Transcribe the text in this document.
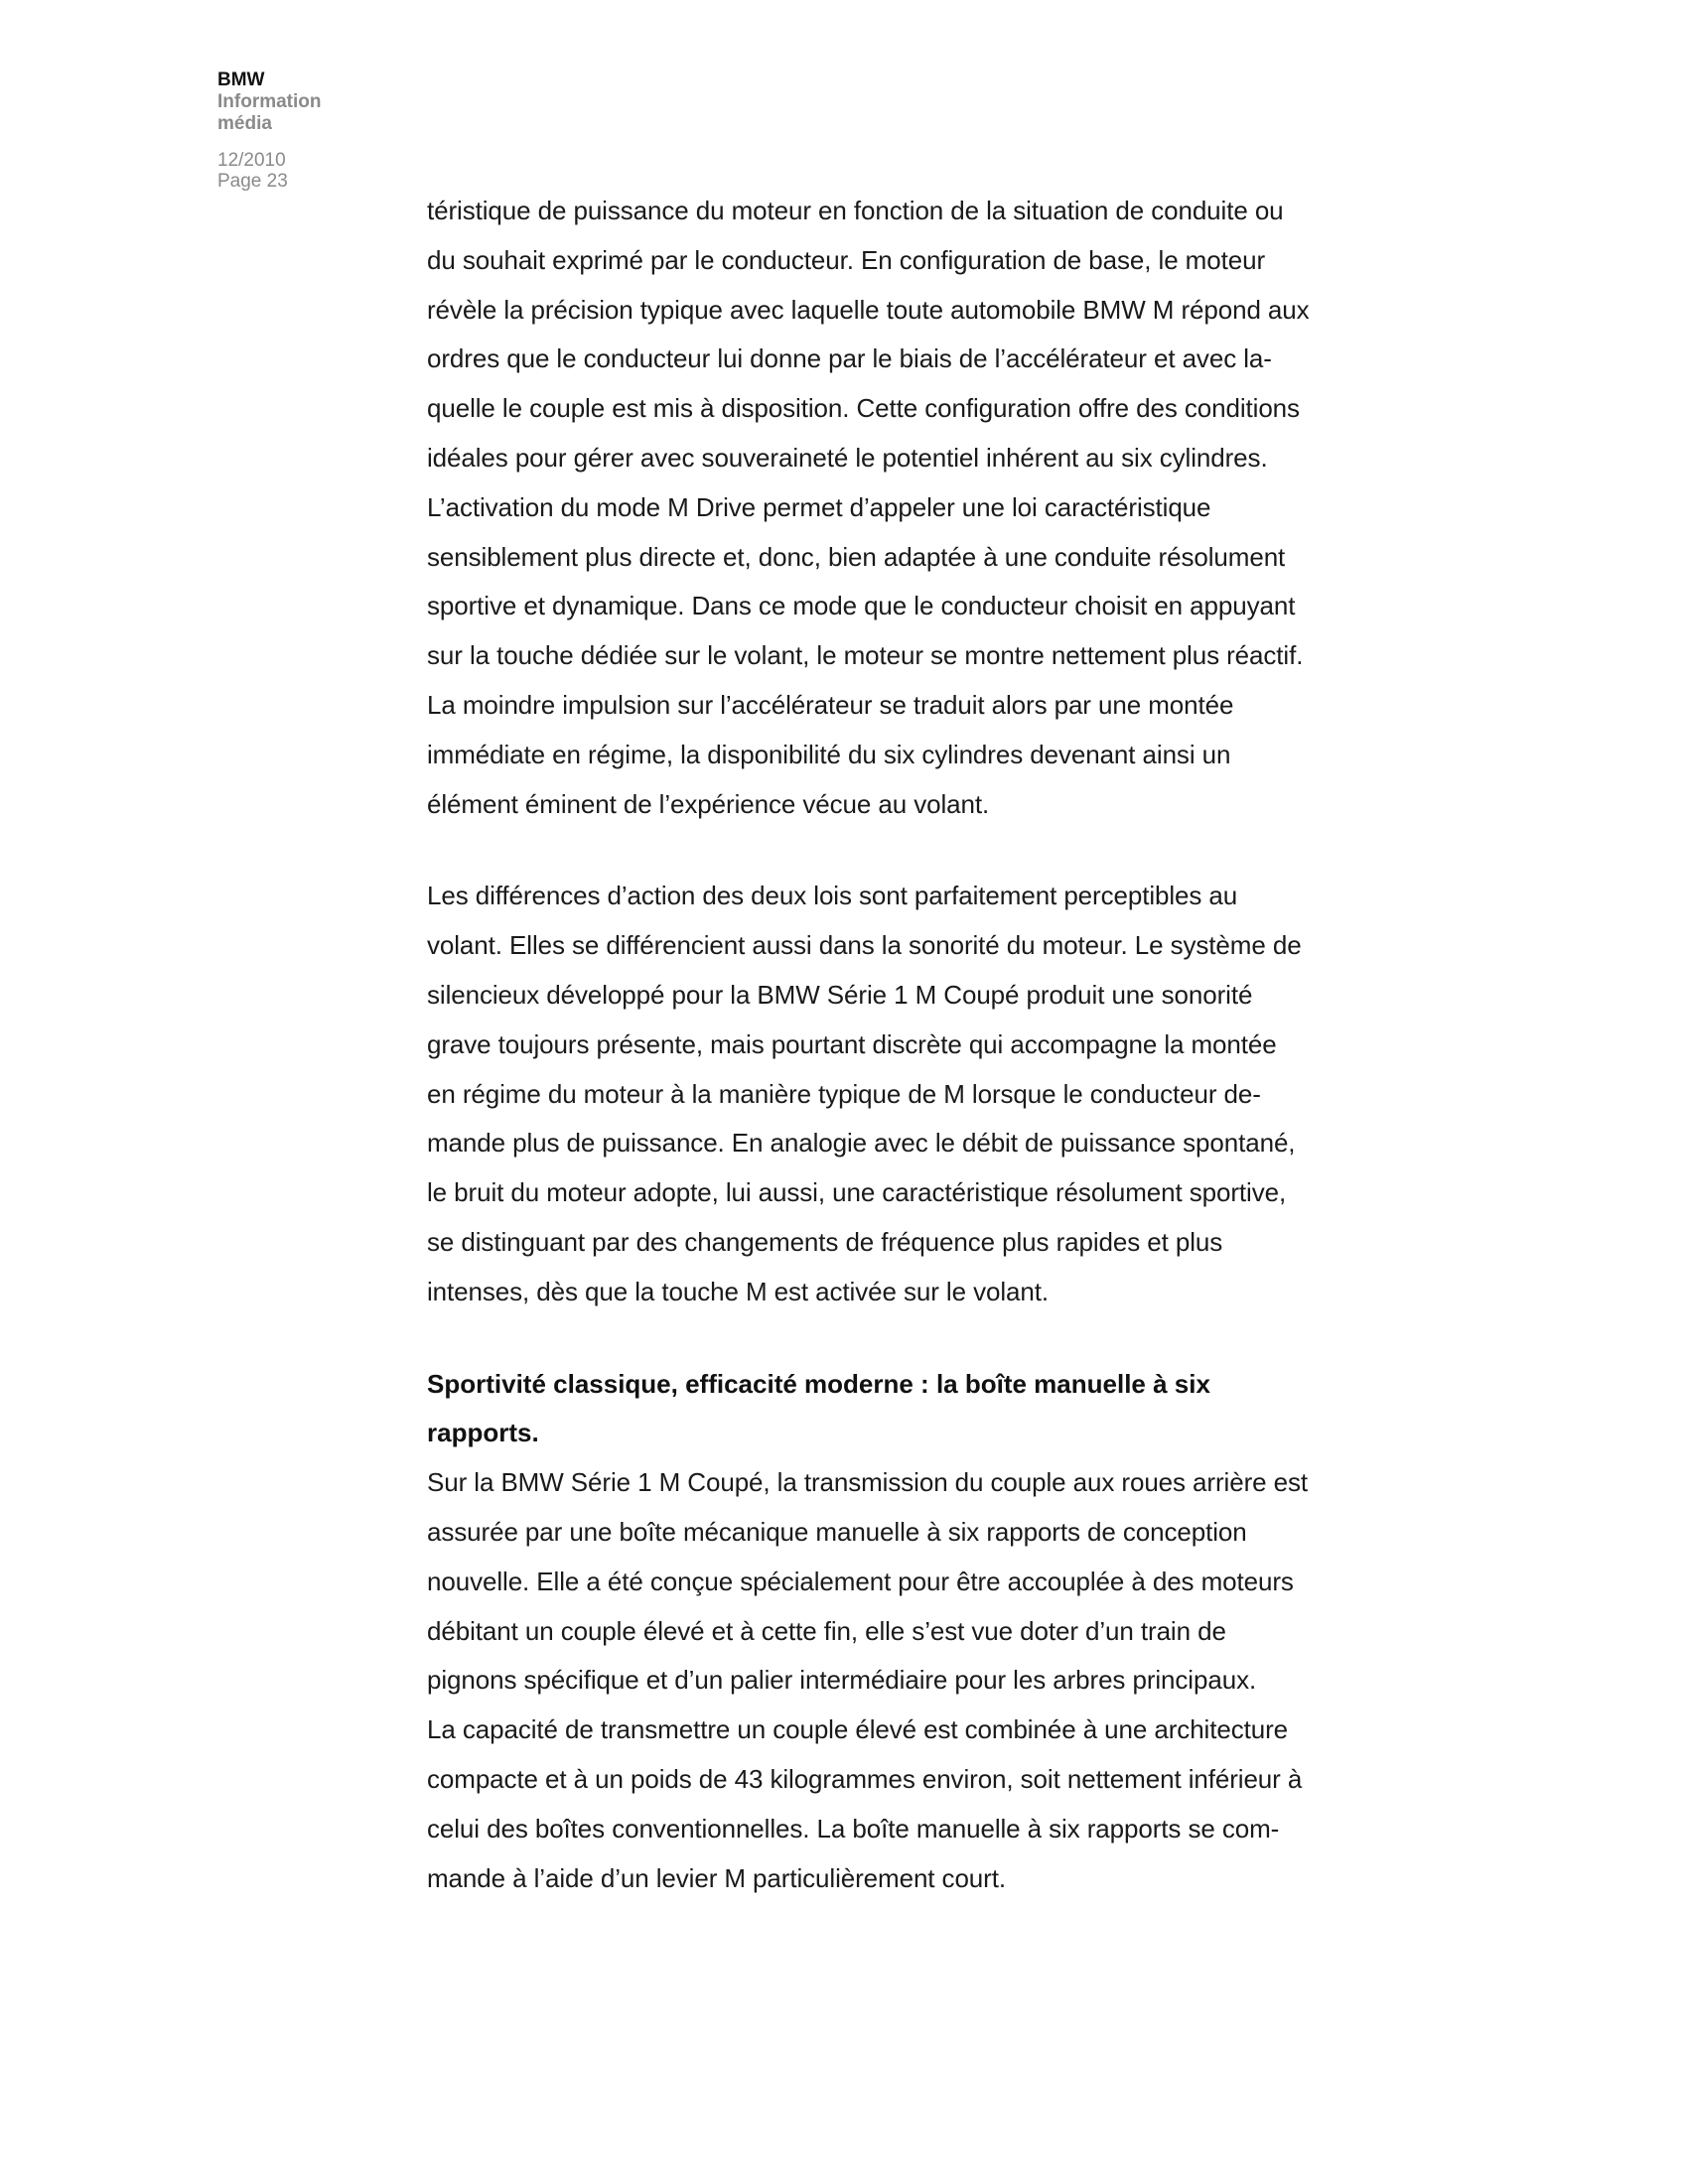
BMW
Information
média
12/2010
Page 23

téristique de puissance du moteur en fonction de la situation de conduite ou
du souhait exprimé par le conducteur. En configuration de base, le moteur
révèle la précision typique avec laquelle toute automobile BMW M répond aux
ordres que le conducteur lui donne par le biais de l’accélérateur et avec la-
quelle le couple est mis à disposition. Cette configuration offre des conditions
idéales pour gérer avec souveraineté le potentiel inhérent au six cylindres.
L’activation du mode M Drive permet d’appeler une loi caractéristique
sensiblement plus directe et, donc, bien adaptée à une conduite résolument
sportive et dynamique. Dans ce mode que le conducteur choisit en appuyant
sur la touche dédiée sur le volant, le moteur se montre nettement plus réactif.
La moindre impulsion sur l’accélérateur se traduit alors par une montée
immédiate en régime, la disponibilité du six cylindres devenant ainsi un
élément éminent de l’expérience vécue au volant.

Les différences d’action des deux lois sont parfaitement perceptibles au
volant. Elles se différencient aussi dans la sonorité du moteur. Le système de
silencieux développé pour la BMW Série 1 M Coupé produit une sonorité
grave toujours présente, mais pourtant discrète qui accompagne la montée
en régime du moteur à la manière typique de M lorsque le conducteur de-
mande plus de puissance. En analogie avec le débit de puissance spontané,
le bruit du moteur adopte, lui aussi, une caractéristique résolument sportive,
se distinguant par des changements de fréquence plus rapides et plus
intenses, dès que la touche M est activée sur le volant.

Sportivité classique, efficacité moderne : la boîte manuelle à six
rapports.

Sur la BMW Série 1 M Coupé, la transmission du couple aux roues arrière est
assurée par une boîte mécanique manuelle à six rapports de conception
nouvelle. Elle a été conçue spécialement pour être accouplée à des moteurs
débitant un couple élevé et à cette fin, elle s’est vue doter d’un train de
pignons spécifique et d’un palier intermédiaire pour les arbres principaux.
La capacité de transmettre un couple élevé est combinée à une architecture
compacte et à un poids de 43 kilogrammes environ, soit nettement inférieur à
celui des boîtes conventionnelles. La boîte manuelle à six rapports se com-
mande à l’aide d’un levier M particulièrement court.
